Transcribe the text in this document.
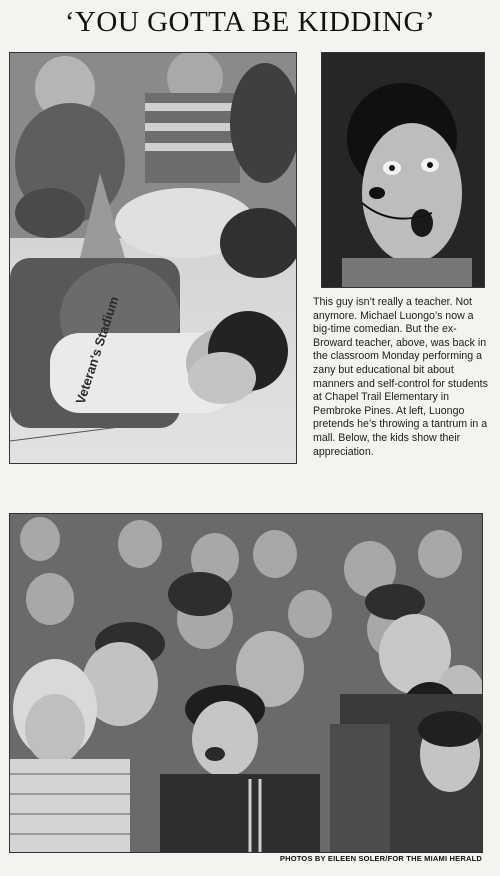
‘YOU GOTTA BE KIDDING’
Veteran's Stadium	This guy isn’t really a teacher. Not anymore. Michael Luongo’s now a big-time comedian. But the ex-Broward teacher, above, was back in the classroom Monday performing a zany but educational bit about manners and self-control for students at Chapel Trail Elementary in Pembroke Pines. At left, Luongo pretends he’s throwing a tantrum in a mall. Below, the kids show their appreciation.
PHOTOS BY EILEEN SOLER/FOR THE MIAMI HERALD
